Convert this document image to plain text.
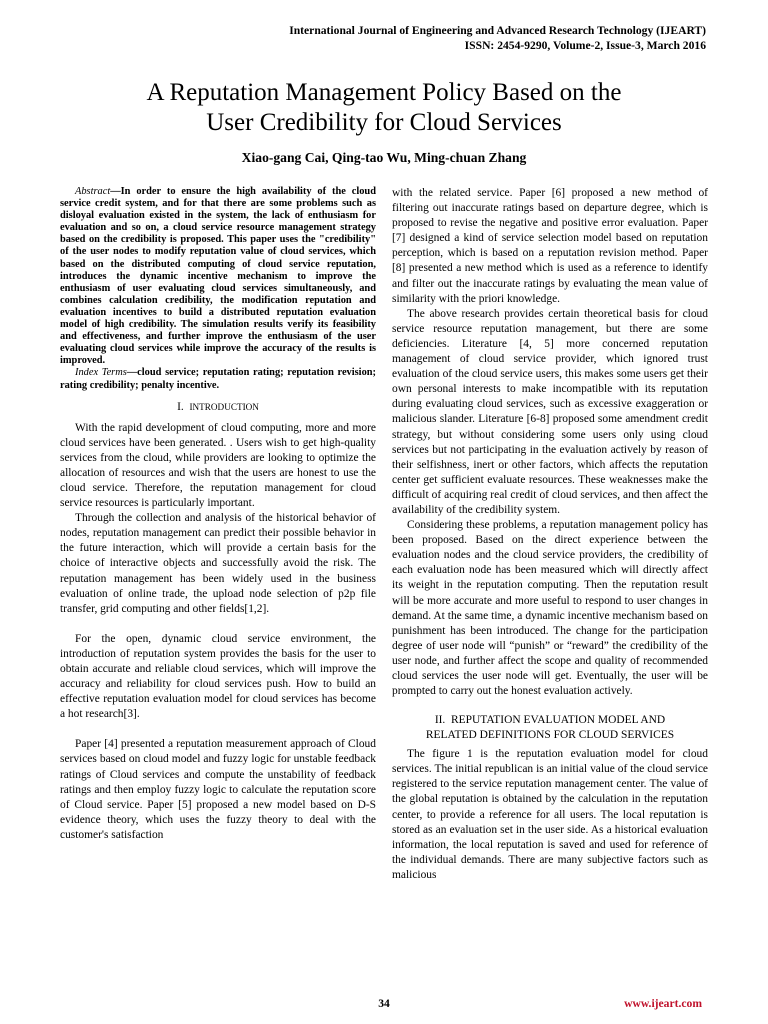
International Journal of Engineering and Advanced Research Technology (IJEART)
ISSN: 2454-9290, Volume-2, Issue-3, March 2016
A Reputation Management Policy Based on the
User Credibility for Cloud Services
Xiao-gang Cai, Qing-tao Wu, Ming-chuan Zhang

Abstract—In order to ensure the high availability of the cloud service credit system, and for that there are some problems such as disloyal evaluation existed in the system, the lack of enthusiasm for evaluation and so on, a cloud service resource management strategy based on the credibility is proposed. This paper uses the "credibility" of the user nodes to modify reputation value of cloud services, which based on the distributed computing of cloud service reputation, introduces the dynamic incentive mechanism to improve the enthusiasm of user evaluating cloud services simultaneously, and combines calculation credibility, the modification reputation and evaluation incentives to build a distributed reputation evaluation model of high credibility. The simulation results verify its feasibility and effectiveness, and further improve the enthusiasm of the user evaluating cloud services while improve the accuracy of the results is improved.

Index Terms—cloud service; reputation rating; reputation revision; rating credibility; penalty incentive.

I. INTRODUCTION

With the rapid development of cloud computing, more and more cloud services have been generated. . Users wish to get high-quality services from the cloud, while providers are looking to optimize the allocation of resources and wish that the users are honest to use the cloud service. Therefore, the reputation management for cloud service resources is particularly important.

Through the collection and analysis of the historical behavior of nodes, reputation management can predict their possible behavior in the future interaction, which will provide a certain basis for the choice of interactive objects and successfully avoid the risk. The reputation management has been widely used in the business evaluation of online trade, the upload node selection of p2p file transfer, grid computing and other fields[1,2].

For the open, dynamic cloud service environment, the introduction of reputation system provides the basis for the user to obtain accurate and reliable cloud services, which will improve the accuracy and reliability for cloud services push. How to build an effective reputation evaluation model for cloud services has become a hot research[3].

Paper [4] presented a reputation measurement approach of Cloud services based on cloud model and fuzzy logic for unstable feedback ratings of Cloud services and compute the unstability of feedback ratings and then employ fuzzy logic to calculate the reputation score of Cloud service. Paper [5] proposed a new model based on D-S evidence theory, which uses the fuzzy theory to deal with the customer's satisfaction

with the related service. Paper [6] proposed a new method of filtering out inaccurate ratings based on departure degree, which is proposed to revise the negative and positive error evaluation. Paper [7] designed a kind of service selection model based on reputation perception, which is based on a reputation revision method. Paper [8] presented a new method which is used as a reference to identify and filter out the inaccurate ratings by evaluating the mean value of similarity with the priori knowledge.

The above research provides certain theoretical basis for cloud service resource reputation management, but there are some deficiencies. Literature [4, 5] more concerned reputation management of cloud service provider, which ignored trust evaluation of the cloud service users, this makes some users get their own personal interests to make incompatible with its reputation during evaluating cloud services, such as excessive exaggeration or malicious slander. Literature [6-8] proposed some amendment credit strategy, but without considering some users only using cloud services but not participating in the evaluation actively by reason of their selfishness, inert or other factors, which affects the reputation center get sufficient evaluate resources. These weaknesses make the difficult of acquiring real credit of cloud services, and then affect the availability of the credibility system.

Considering these problems, a reputation management policy has been proposed. Based on the direct experience between the evaluation nodes and the cloud service providers, the credibility of each evaluation node has been measured which will directly affect its weight in the reputation computing. Then the reputation result will be more accurate and more useful to respond to user changes in demand. At the same time, a dynamic incentive mechanism based on punishment has been introduced. The change for the participation degree of user node will “punish” or “reward” the credibility of the user node, and further affect the scope and quality of recommended cloud services the user node will get. Eventually, the user will be prompted to carry out the honest evaluation actively.

II. REPUTATION EVALUATION MODEL AND
RELATED DEFINITIONS FOR CLOUD SERVICES

The figure 1 is the reputation evaluation model for cloud services. The initial republican is an initial value of the cloud service registered to the service reputation management center. The value of the global reputation is obtained by the calculation in the reputation center, to provide a reference for all users. The local reputation is stored as an evaluation set in the user side. As a historical evaluation information, the local reputation is saved and used for reference of the individual demands. There are many subjective factors such as malicious

34	www.ijeart.com
